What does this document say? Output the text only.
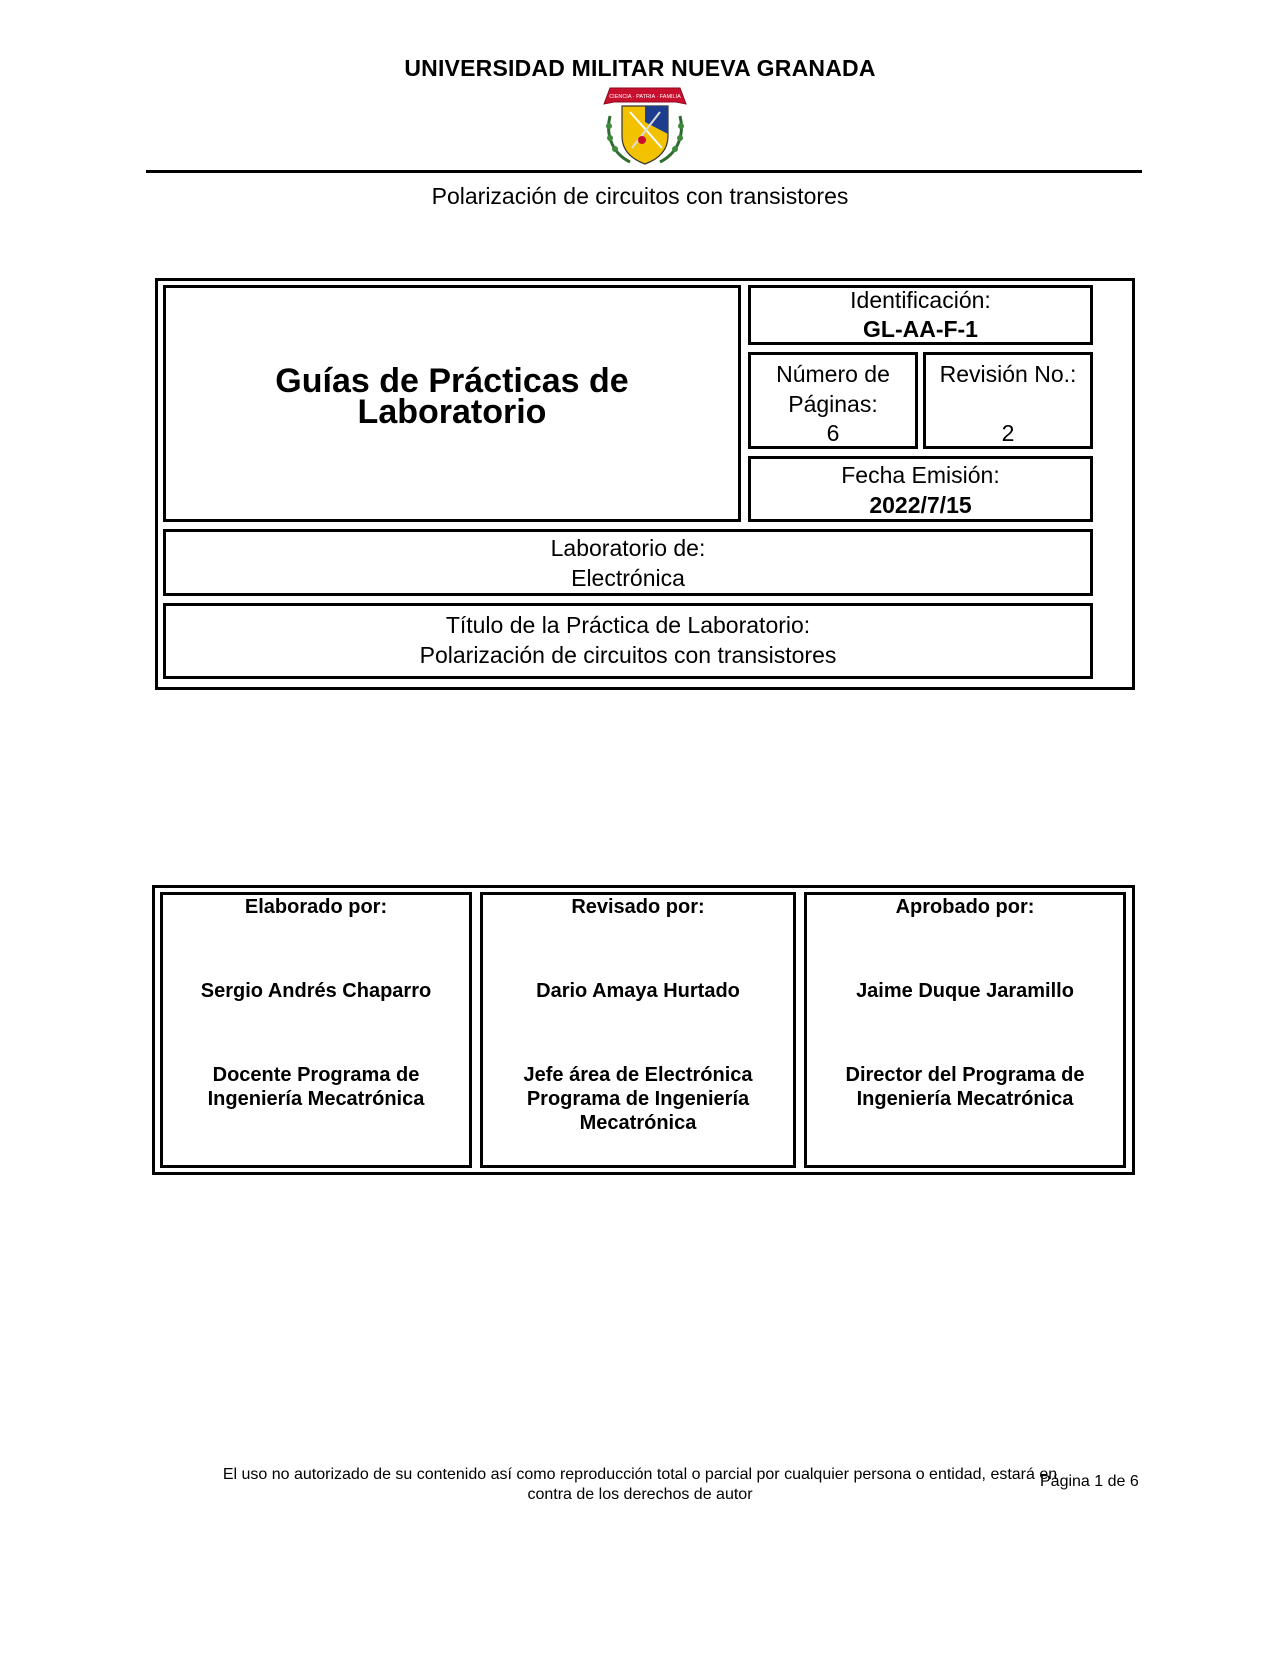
UNIVERSIDAD MILITAR NUEVA GRANADA
CIENCIA · PATRIA · FAMILIA
Polarización de circuitos con transistores
Guías de Prácticas de
Laboratorio
Identificación:
GL-AA-F-1
Número de
Páginas:
6
Revisión No.:
2
Fecha Emisión:
2022/7/15
Laboratorio de:
Electrónica
Título de la Práctica de Laboratorio:
Polarización de circuitos con transistores
Elaborado por:
Sergio Andrés Chaparro
Docente Programa de
Ingeniería Mecatrónica
Revisado por:
Dario Amaya Hurtado
Jefe área de Electrónica
Programa de Ingeniería
Mecatrónica
Aprobado por:
Jaime Duque Jaramillo
Director del Programa de
Ingeniería Mecatrónica
El uso no autorizado de su contenido así como reproducción total o parcial por cualquier persona o entidad, estará en
contra de los derechos de autor
Página 1 de 6
